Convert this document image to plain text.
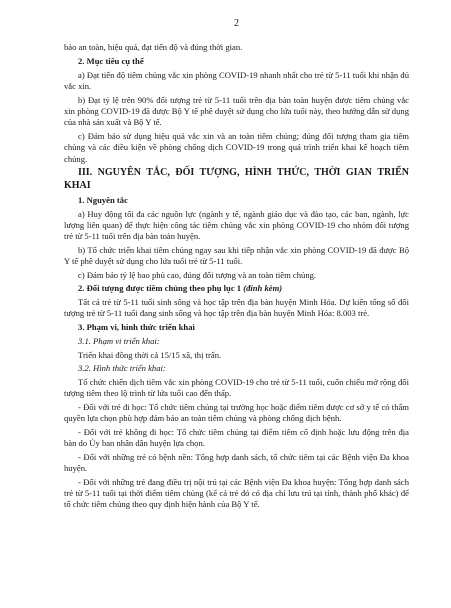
2

bảo an toàn, hiệu quả, đạt tiến độ và đúng thời gian.

2. Mục tiêu cụ thể

a) Đạt tiến độ tiêm chủng vắc xin phòng COVID-19 nhanh nhất cho trẻ từ 5-11 tuổi khi nhận đủ vắc xin.

b) Đạt tỷ lệ trên 90% đối tượng trẻ từ 5-11 tuổi trên địa bàn toàn huyện được tiêm chủng vắc xin phòng COVID-19 đã được Bộ Y tế phê duyệt sử dụng cho lứa tuổi này, theo hướng dẫn sử dụng của nhà sản xuất và Bộ Y tế.

c) Đảm bảo sử dụng hiệu quả vắc xin và an toàn tiêm chủng; đúng đối tượng tham gia tiêm chủng và các điều kiện về phòng chống dịch COVID-19 trong quá trình triển khai kế hoạch tiêm chủng.

III. NGUYÊN TẮC, ĐỐI TƯỢNG, HÌNH THỨC, THỜI GIAN TRIỂN KHAI

1. Nguyên tắc

a) Huy động tối đa các nguồn lực (ngành y tế, ngành giáo dục và đào tạo, các ban, ngành, lực lượng liên quan) để thực hiện công tác tiêm chủng vắc xin phòng COVID-19 cho nhóm đối tượng trẻ từ 5-11 tuổi trên địa bàn toàn huyện.

b) Tổ chức triển khai tiêm chủng ngay sau khi tiếp nhận vắc xin phòng COVID-19 đã được Bộ Y tế phê duyệt sử dụng cho lứa tuổi trẻ từ 5-11 tuổi.

c) Đảm bảo tỷ lệ bao phủ cao, đúng đối tượng và an toàn tiêm chủng.

2. Đối tượng được tiêm chủng theo phụ lục 1 (đính kèm)

Tất cả trẻ từ 5-11 tuổi sinh sống và học tập trên địa bàn huyện Minh Hóa. Dự kiến tổng số đối tượng trẻ từ 5-11 tuổi đang sinh sống và học tập trên địa bàn huyện Minh Hóa: 8.003 trẻ.

3. Phạm vi, hình thức triển khai

3.1. Phạm vi triển khai:

Triển khai đồng thời cả 15/15 xã, thị trấn.

3.2. Hình thức triển khai:

Tổ chức chiến dịch tiêm vắc xin phòng COVID-19 cho trẻ từ 5-11 tuổi, cuốn chiếu mở rộng đối tượng tiêm theo lộ trình từ lứa tuổi cao đến thấp.

- Đối với trẻ đi học: Tổ chức tiêm chủng tại trường học hoặc điểm tiêm được cơ sở y tế có thẩm quyền lựa chọn phù hợp đảm bảo an toàn tiêm chủng và phòng chống dịch bệnh.

- Đối với trẻ không đi học: Tổ chức tiêm chủng tại điểm tiêm cố định hoặc lưu động trên địa bàn do Ủy ban nhân dân huyện lựa chọn.

- Đối với những trẻ có bệnh nền: Tổng hợp danh sách, tổ chức tiêm tại các Bệnh viện Đa khoa huyện.

- Đối với những trẻ đang điều trị nội trú tại các Bệnh viện Đa khoa huyện: Tổng hợp danh sách trẻ từ 5-11 tuổi tại thời điểm tiêm chủng (kể cả trẻ đó có địa chỉ lưu trú tại tỉnh, thành phố khác) để tổ chức tiêm chủng theo quy định hiện hành của Bộ Y tế.
